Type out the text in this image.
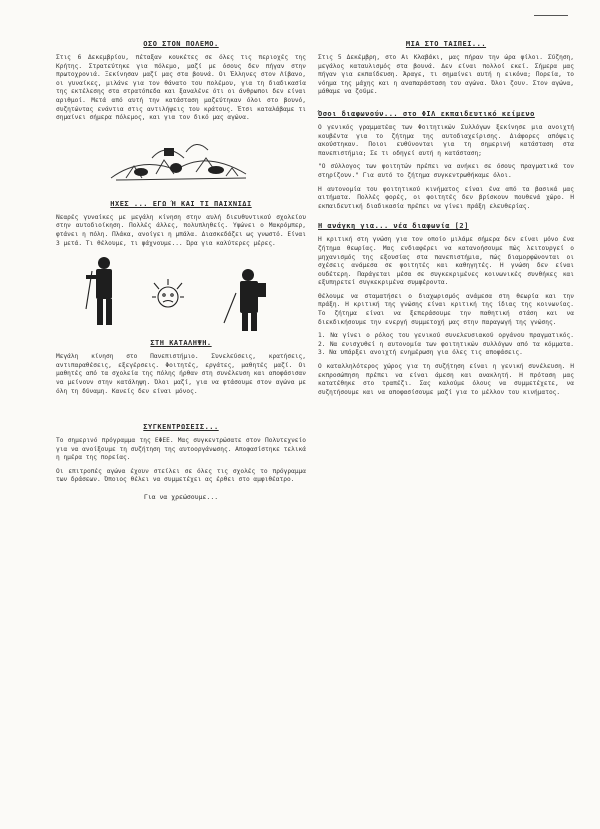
ΟΣΟ ΣΤΟΝ ΠΟΛΕΜΟ.

Στις 6 Δεκεμβρίου, πέταξαν κουκέτες σε όλες τις περιοχές της Κρήτης. Στρατεύτηκε για πόλεμο, μαζί με όσους δεν πήγαν στην πρωτοχρονιά. Ξεκίνησαν μαζί μας στα βουνά. Οι Έλληνες στον Λίβανο, οι γυναίκες, μιλάνε για τον θάνατο του πολέμου, για τη διαδικασία της εκτέλεσης στα στρατόπεδα και ξαναλένε ότι οι άνθρωποι δεν είναι αριθμοί. Μετά από αυτή την κατάσταση μαζεύτηκαν όλοι στο βουνό, συζητώντας ενάντια στις αντιλήψεις του κράτους. Έτσι καταλάβαμε τι σημαίνει σήμερα πόλεμος, και για τον δικό μας αγώνα.

ΗΧΕΣ ... ΕΓΩ Ή ΚΑΙ ΤΙ ΠΑΙΧΝΙΔΙ

Νεαρές γυναίκες με μεγάλη κίνηση στην αυλή διευθυντικού σχολείου στην αυτοδιοίκηση. Πολλές άλλες, πολυπληθείς. Υψώνει ο Μακρόμπερ, φτάνει η πόλη. Πλάκα, ανοίγει η μπάλα. Διασκεδάζει ως γνωστό. Είναι 3 μετά. Τι θέλουμε, τι ψάχνουμε... Ώρα για καλύτερες μέρες.

ΣΤΗ ΚΑΤΑΛΗΨΗ.

Μεγάλη κίνηση στο Πανεπιστήμιο. Συνελεύσεις, κρατήσεις, αντιπαραθέσεις, εξεγέρσεις. Φοιτητές, εργάτες, μαθητές μαζί. Οι μαθητές από τα σχολεία της πόλης ήρθαν στη συνέλευση και αποφάσισαν να μείνουν στην κατάληψη. Όλοι μαζί, για να φτάσουμε στον αγώνα με όλη τη δύναμη. Κανείς δεν είναι μόνος.

ΣΥΓΚΕΝΤΡΩΣΕΙΣ...

Το σημερινό πρόγραμμα της ΕΦΕΕ. Μας συγκεντρώσατε στον Πολυτεχνείο για να ανοίξουμε τη συζήτηση της αυτοοργάνωσης. Αποφασίστηκε τελικά η ημέρα της πορείας.

Οι επιτροπές αγώνα έχουν στείλει σε όλες τις σχολές το πρόγραμμα των δράσεων. Όποιος θέλει να συμμετέχει ας έρθει στο αμφιθέατρο.

Για να χρεώσουμε...
ΜΙΑ ΣΤΟ ΤΑΙΠΕΙ...

Στις 5 Δεκέμβρη, στο Αι Κλαβάκι, μας πήραν την ώρα φίλοι. Σύζηση, μεγάλος καταυλισμός στα βουνά. Δεν είναι πολλοί εκεί. Σήμερα μας πήγαν για εκπαίδευση. Άραγε, τι σημαίνει αυτή η εικόνα; Πορεία, το νόημα της μάχης και η αναπαράσταση του αγώνα. Όλοι ζουν. Στον αγώνα, μάθαμε να ζούμε.

Όσοι διαφωνούν... στο ΦΙΛ εκπαιδευτικό κείμενο

Ο γενικός γραμματέας των Φοιτητικών Συλλόγων ξεκίνησε μια ανοιχτή κουβέντα για το ζήτημα της αυτοδιαχείρισης. Διάφορες απόψεις ακούστηκαν. Ποιοι ευθύνονται για τη σημερινή κατάσταση στα πανεπιστήμια; Σε τι οδηγεί αυτή η κατάσταση;

"Ο σύλλογος των φοιτητών πρέπει να ανήκει σε όσους πραγματικά τον στηρίζουν." Για αυτό το ζήτημα συγκεντρωθήκαμε όλοι.

Η αυτονομία του φοιτητικού κινήματος είναι ένα από τα βασικά μας αιτήματα. Πολλές φορές, οι φοιτητές δεν βρίσκουν πουθενά χώρο. Η εκπαιδευτική διαδικασία πρέπει να γίνει πράξη ελευθερίας.

Η ανάγκη για... νέα διαφωνία [2]

Η κριτική στη γνώση για τον οποίο μιλάμε σήμερα δεν είναι μόνο ένα ζήτημα θεωρίας. Μας ενδιαφέρει να κατανοήσουμε πώς λειτουργεί ο μηχανισμός της εξουσίας στα πανεπιστήμια, πώς διαμορφώνονται οι σχέσεις ανάμεσα σε φοιτητές και καθηγητές. Η γνώση δεν είναι ουδέτερη. Παράγεται μέσα σε συγκεκριμένες κοινωνικές συνθήκες και εξυπηρετεί συγκεκριμένα συμφέροντα.

Θέλουμε να σταματήσει ο διαχωρισμός ανάμεσα στη θεωρία και την πράξη. Η κριτική της γνώσης είναι κριτική της ίδιας της κοινωνίας. Το ζήτημα είναι να ξεπεράσουμε την παθητική στάση και να διεκδικήσουμε την ενεργή συμμετοχή μας στην παραγωγή της γνώσης.

1. Να γίνει ο ρόλος του γενικού συνελευσιακού οργάνου πραγματικός. 2. Να ενισχυθεί η αυτονομία των φοιτητικών συλλόγων από τα κόμματα. 3. Να υπάρξει ανοιχτή ενημέρωση για όλες τις αποφάσεις.

Ο καταλληλότερος χώρος για τη συζήτηση είναι η γενική συνέλευση. Η εκπροσώπηση πρέπει να είναι άμεση και ανακλητή. Η πρόταση μας κατατέθηκε στο τραπέζι. Σας καλούμε όλους να συμμετέχετε, να συζητήσουμε και να αποφασίσουμε μαζί για το μέλλον του κινήματος.
